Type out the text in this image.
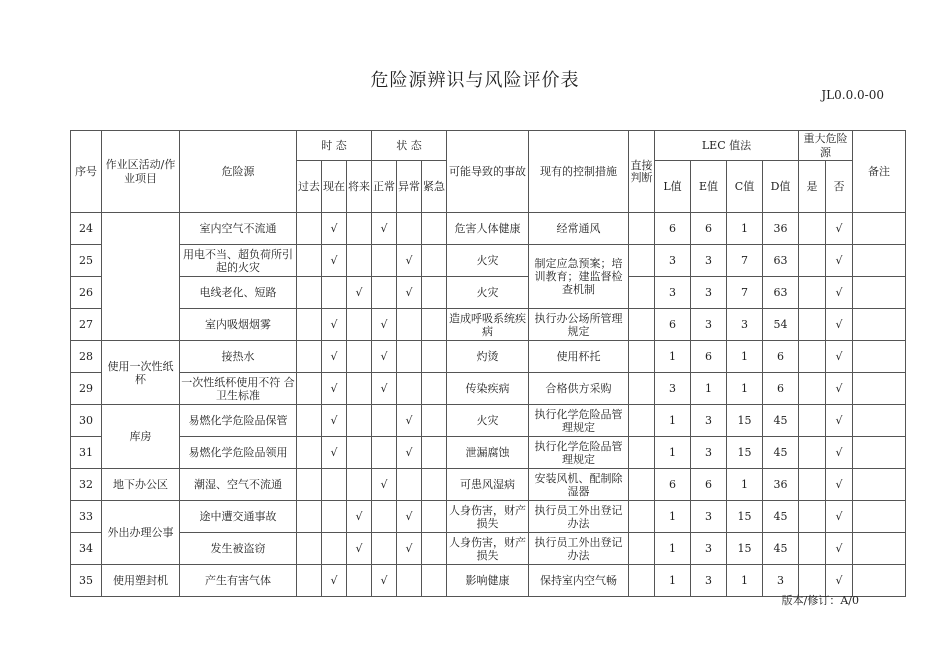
危险源辨识与风险评价表
JL0.0.0-00
序号	作业区活动/作业项目	危险源	时 态			状 态			可能导致的事故	现有的控制措施	直接判断	LEC 值法				重大危险源		备注
			过去	现在	将来	正常	异常	紧急				L值	E值	C值	D值	是	否	
24		室内空气不流通		√		√			危害人体健康	经常通风		6	6	1	36		√	
25		用电不当、超负荷所引起的火灾		√			√		火灾	制定应急预案；培训教育；建监督检查机制		3	3	7	63		√	
26		电线老化、短路			√		√		火灾			3	3	7	63		√	
27		室内吸烟烟雾		√		√			造成呼吸系统疾病	执行办公场所管理规定		6	3	3	54		√	
28	使用一次性纸杯	接热水		√		√			灼烫	使用杯托		1	6	1	6		√	
29		一次性纸杯使用不符 合卫生标准		√		√			传染疾病	合格供方采购		3	1	1	6		√	
30	库房	易燃化学危险品保管		√			√		火灾	执行化学危险品管理规定		1	3	15	45		√	
31		易燃化学危险品领用		√			√		泄漏腐蚀	执行化学危险品管理规定		1	3	15	45		√	
32	地下办公区	潮湿、空气不流通				√			可患风湿病	安装风机、配制除湿器		6	6	1	36		√	
33	外出办理公事	途中遭交通事故			√		√		人身伤害，财产损失	执行员工外出登记办法		1	3	15	45		√	
34		发生被盗窃			√		√		人身伤害，财产损失	执行员工外出登记办法		1	3	15	45		√	
35	使用塑封机	产生有害气体		√		√			影响健康	保持室内空气畅		1	3	1	3		√	
版本/修订：A/0
